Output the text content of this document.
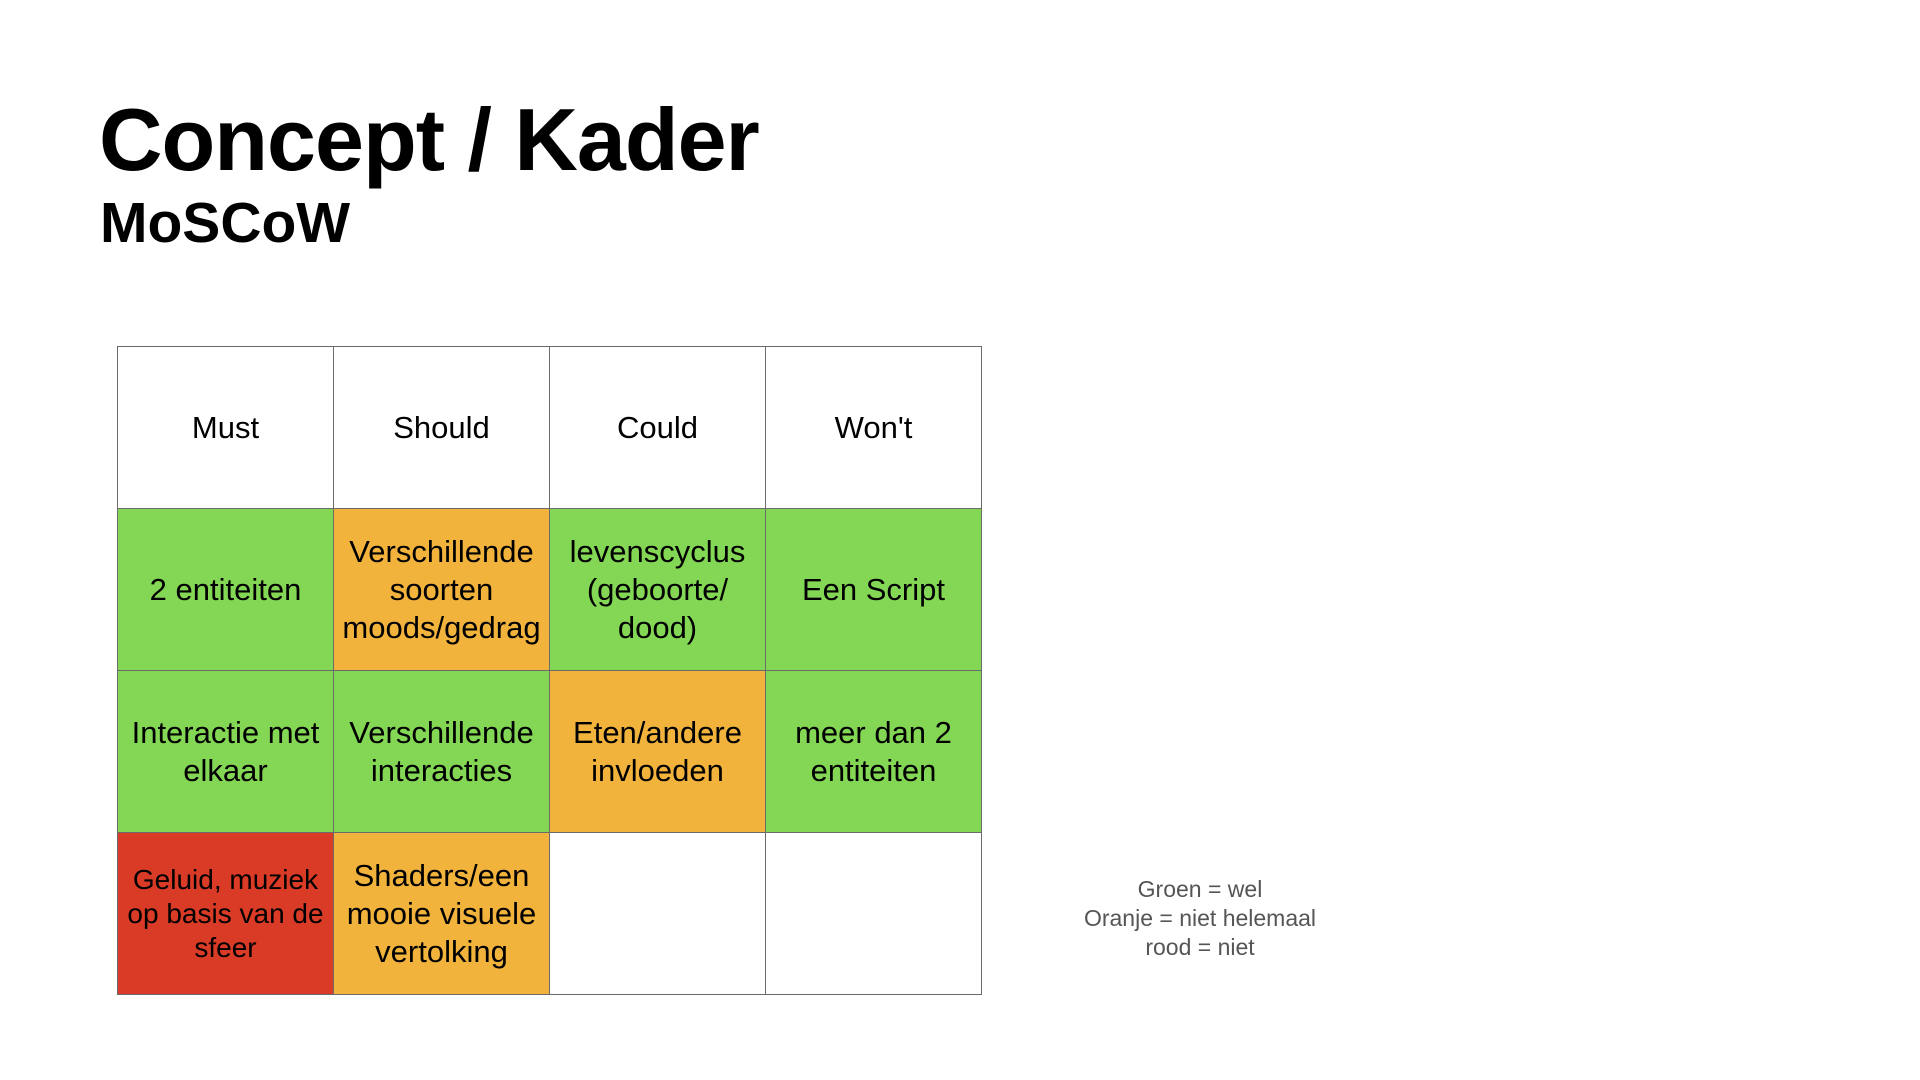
Concept / Kader
MoSCoW
Must	Should	Could	Won't
2 entiteiten	Verschillende soorten moods/gedrag	levenscyclus (geboorte/ dood)	Een Script
Interactie met elkaar	Verschillende interacties	Eten/andere invloeden	meer dan 2 entiteiten
Geluid, muziek op basis van de sfeer	Shaders/een mooie visuele vertolking		
Groen = wel
Oranje = niet helemaal
rood = niet
